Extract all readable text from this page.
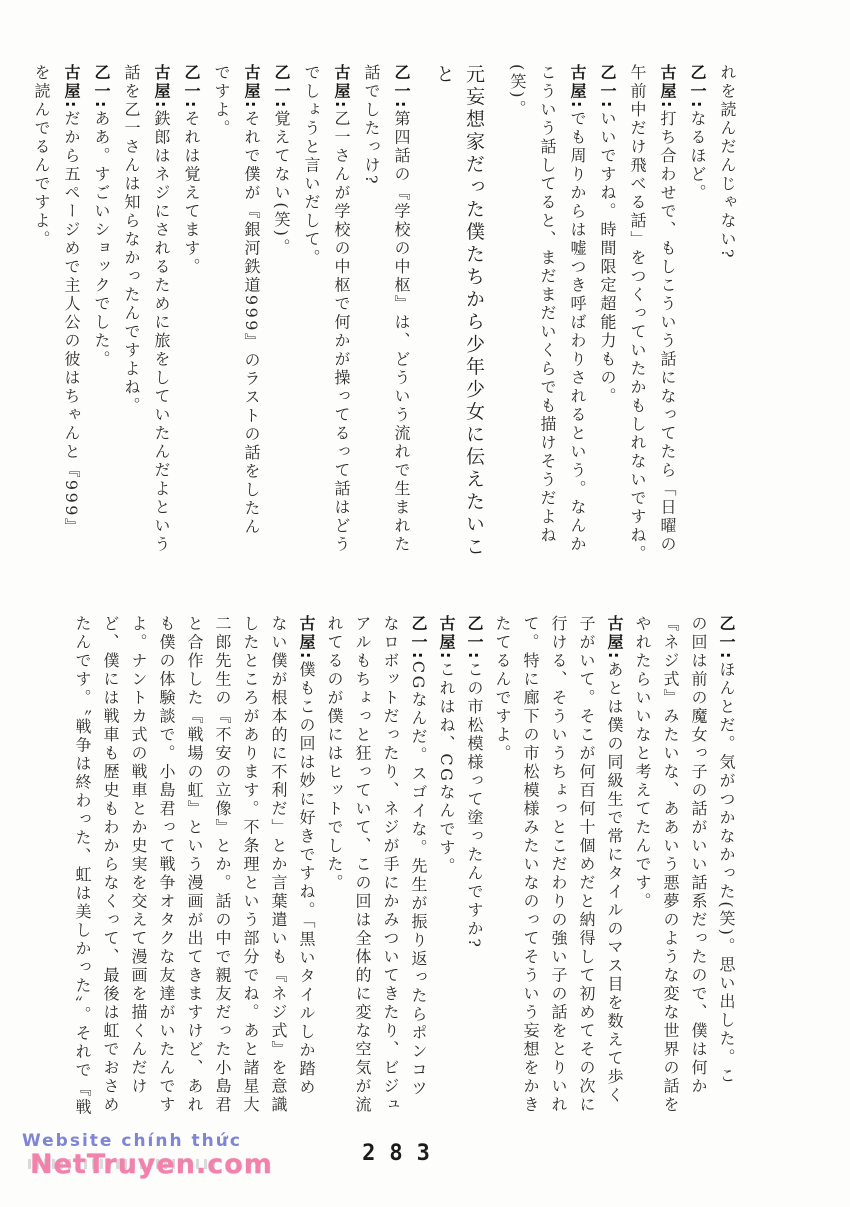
れを読んだんじゃない?

乙一:なるほど。

古屋:打ち合わせで、もしこういう話になってたら「日曜の

午前中だけ飛べる話」をつくっていたかもしれないですね。

乙一:いいですね。時間限定超能力もの。

古屋:でも周りからは嘘つき呼ばわりされるという。なんか

こういう話してると、まだまだいくらでも描けそうだよね

(笑)。

元妄想家だった僕たちから少年少女に伝えたいこと

乙一:第四話の『学校の中枢』は、どういう流れで生まれた

話でしたっけ?

古屋:乙一さんが学校の中枢で何かが操ってるって話はどう

でしょうと言いだして。

乙一:覚えてない(笑)。

古屋:それで僕が『銀河鉄道999』のラストの話をしたん

ですよ。

乙一:それは覚えてます。

古屋:鉄郎はネジにされるために旅をしていたんだよという

話を乙一さんは知らなかったんですよね。

乙一:ああ。すごいショックでした。

古屋:だから五ページめで主人公の彼はちゃんと『999』

を読んでるんですよ。

乙一:ほんとだ。気がつかなかった(笑)。思い出した。こ

の回は前の魔女っ子の話がいい話系だったので、僕は何か

『ネジ式』みたいな、ああいう悪夢のような変な世界の話を

やれたらいいなと考えてたんです。

古屋:あとは僕の同級生で常にタイルのマス目を数えて歩く

子がいて。そこが何百何十個めだと納得して初めてその次に

行ける、そういうちょっとこだわりの強い子の話をとりいれ

て。特に廊下の市松模様みたいなのってそういう妄想をかき

たてるんですよ。

乙一:この市松模様って塗ったんですか?

古屋:これはね、CGなんです。

乙一:CGなんだ。スゴイな。先生が振り返ったらポンコツ

なロボットだったり、ネジが手にかみついてきたり、ビジュ

アルもちょっと狂っていて、この回は全体的に変な空気が流

れてるのが僕にはヒットでした。

古屋:僕もこの回は妙に好きですね。「黒いタイルしか踏め

ない僕が根本的に不利だ」とか言葉遣いも『ネジ式』を意識

したところがあります。不条理という部分でね。あと諸星大

二郎先生の『不安の立像』とか。話の中で親友だった小島君

と合作した『戦場の虹』という漫画が出てきますけど、あれ

も僕の体験談で。小島君って戦争オタクな友達がいたんです

よ。ナントカ式の戦車とか史実を交えて漫画を描くんだけ

ど、僕には戦車も歴史もわからなくって、最後は虹でおさめ

たんです。〝戦争は終わった、虹は美しかった〟。それで『戦

Website chính thức
NetTruyen.com	283
